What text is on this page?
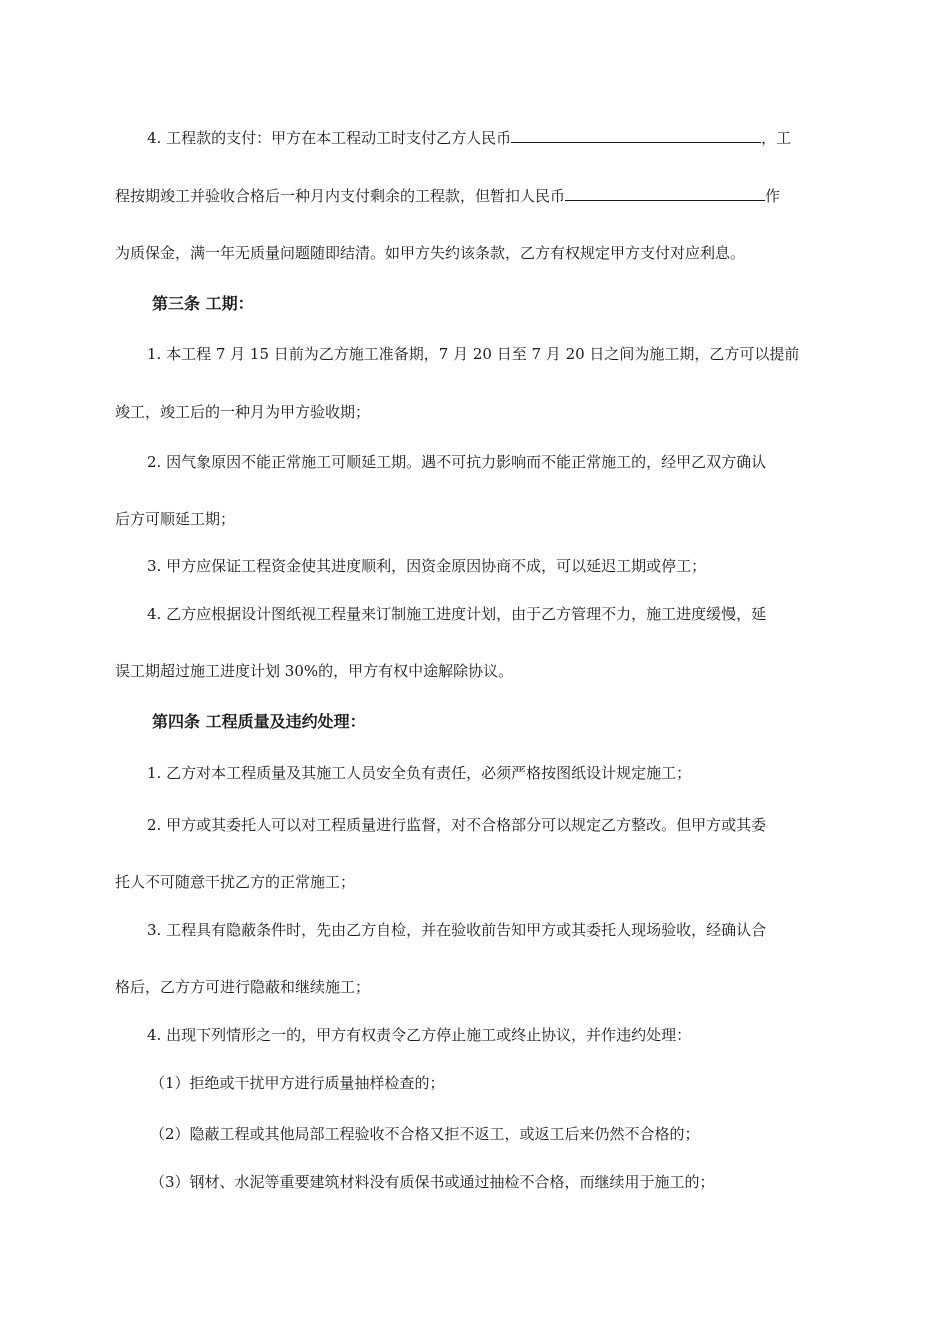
4. 工程款的支付：甲方在本工程动工时支付乙方人民币	，工
程按期竣工并验收合格后一种月内支付剩余的工程款，但暂扣人民币	作
为质保金，满一年无质量问题随即结清。如甲方失约该条款，乙方有权规定甲方支付对应利息。
第三条 工期：
1. 本工程 7 月 15 日前为乙方施工准备期，7 月 20 日至 7 月 20 日之间为施工期，乙方可以提前
竣工，竣工后的一种月为甲方验收期；
2. 因气象原因不能正常施工可顺延工期。遇不可抗力影响而不能正常施工的，经甲乙双方确认
后方可顺延工期；
3. 甲方应保证工程资金使其进度顺利，因资金原因协商不成，可以延迟工期或停工；
4. 乙方应根据设计图纸视工程量来订制施工进度计划，由于乙方管理不力，施工进度缓慢，延
误工期超过施工进度计划 30%的，甲方有权中途解除协议。
第四条 工程质量及违约处理：
1. 乙方对本工程质量及其施工人员安全负有责任，必须严格按图纸设计规定施工；
2. 甲方或其委托人可以对工程质量进行监督，对不合格部分可以规定乙方整改。但甲方或其委
托人不可随意干扰乙方的正常施工；
3. 工程具有隐蔽条件时，先由乙方自检，并在验收前告知甲方或其委托人现场验收，经确认合
格后，乙方方可进行隐蔽和继续施工；
4. 出现下列情形之一的，甲方有权责令乙方停止施工或终止协议，并作违约处理：
（1）拒绝或干扰甲方进行质量抽样检查的；
（2）隐蔽工程或其他局部工程验收不合格又拒不返工，或返工后来仍然不合格的；
（3）钢材、水泥等重要建筑材料没有质保书或通过抽检不合格，而继续用于施工的；
